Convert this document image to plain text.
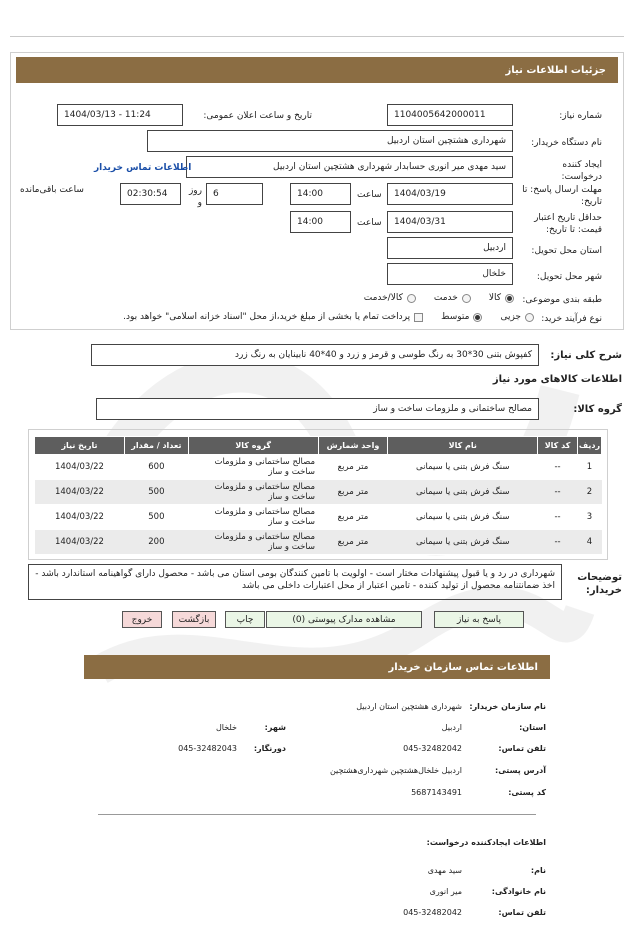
جزئیات اطلاعات نیاز
شماره نیاز:
1104005642000011
تاریخ و ساعت اعلان عمومی:
1404/03/13 - 11:24
نام دستگاه خریدار:
شهرداری هشتچین استان اردبیل
ایجاد کننده درخواست:
سید مهدی میر انوری حسابدار شهرداری هشتچین استان اردبیل
اطلاعات تماس خریدار
مهلت ارسال پاسخ: تا تاریخ:
1404/03/19
ساعت
14:00
6
روز و
02:30:54
ساعت باقی‌مانده
حداقل تاریخ اعتبار قیمت: تا تاریخ:
1404/03/31
ساعت
14:00
استان محل تحویل:
اردبیل
شهر محل تحویل:
خلخال
طبقه بندی موضوعی:
کالا
خدمت
کالا/خدمت
نوع فرآیند خرید:
جزیی
متوسط
پرداخت تمام یا بخشی از مبلغ خرید،از محل "اسناد خزانه اسلامی" خواهد بود.
شرح کلی نیاز:
کفپوش بتنی 30*30 به رنگ طوسی و قرمز و زرد و 40*40 نابینایان به رنگ زرد
اطلاعات کالاهای مورد نیاز
گروه کالا:
مصالح ساختمانی و ملزومات ساخت و ساز
ردیف	کد کالا	نام کالا	واحد شمارش	گروه کالا	تعداد / مقدار	تاریخ نیاز
1	--	سنگ فرش بتنی یا سیمانی	متر مربع	مصالح ساختمانی و ملزومات ساخت و ساز	600	1404/03/22
2	--	سنگ فرش بتنی یا سیمانی	متر مربع	مصالح ساختمانی و ملزومات ساخت و ساز	500	1404/03/22
3	--	سنگ فرش بتنی یا سیمانی	متر مربع	مصالح ساختمانی و ملزومات ساخت و ساز	500	1404/03/22
4	--	سنگ فرش بتنی یا سیمانی	متر مربع	مصالح ساختمانی و ملزومات ساخت و ساز	200	1404/03/22
توضیحات خریدار:
شهرداری در رد و یا قبول پیشنهادات مختار است - اولویت با تامین کنندگان بومی استان می باشد - محصول دارای گواهینامه استاندارد باشد - اخذ ضمانتنامه محصول از تولید کننده - تامین اعتبار از محل اعتبارات داخلی می باشد
پاسخ به نیاز
مشاهده مدارک پیوستی (0)
چاپ
بازگشت
خروج
اطلاعات تماس سازمان خریدار
نام سازمان خریدار:
شهرداری هشتچین استان اردبیل
استان:
اردبیل
شهر:
خلخال
تلفن تماس:
045-32482042
دورنگار:
045-32482043
آدرس پستی:
اردبیل خلخال‌هشتچین شهرداری‌هشتچین
کد پستی:
5687143491
اطلاعات ایجادکننده درخواست:
نام:
سید مهدی
نام خانوادگی:
میر انوری
تلفن تماس:
045-32482042
